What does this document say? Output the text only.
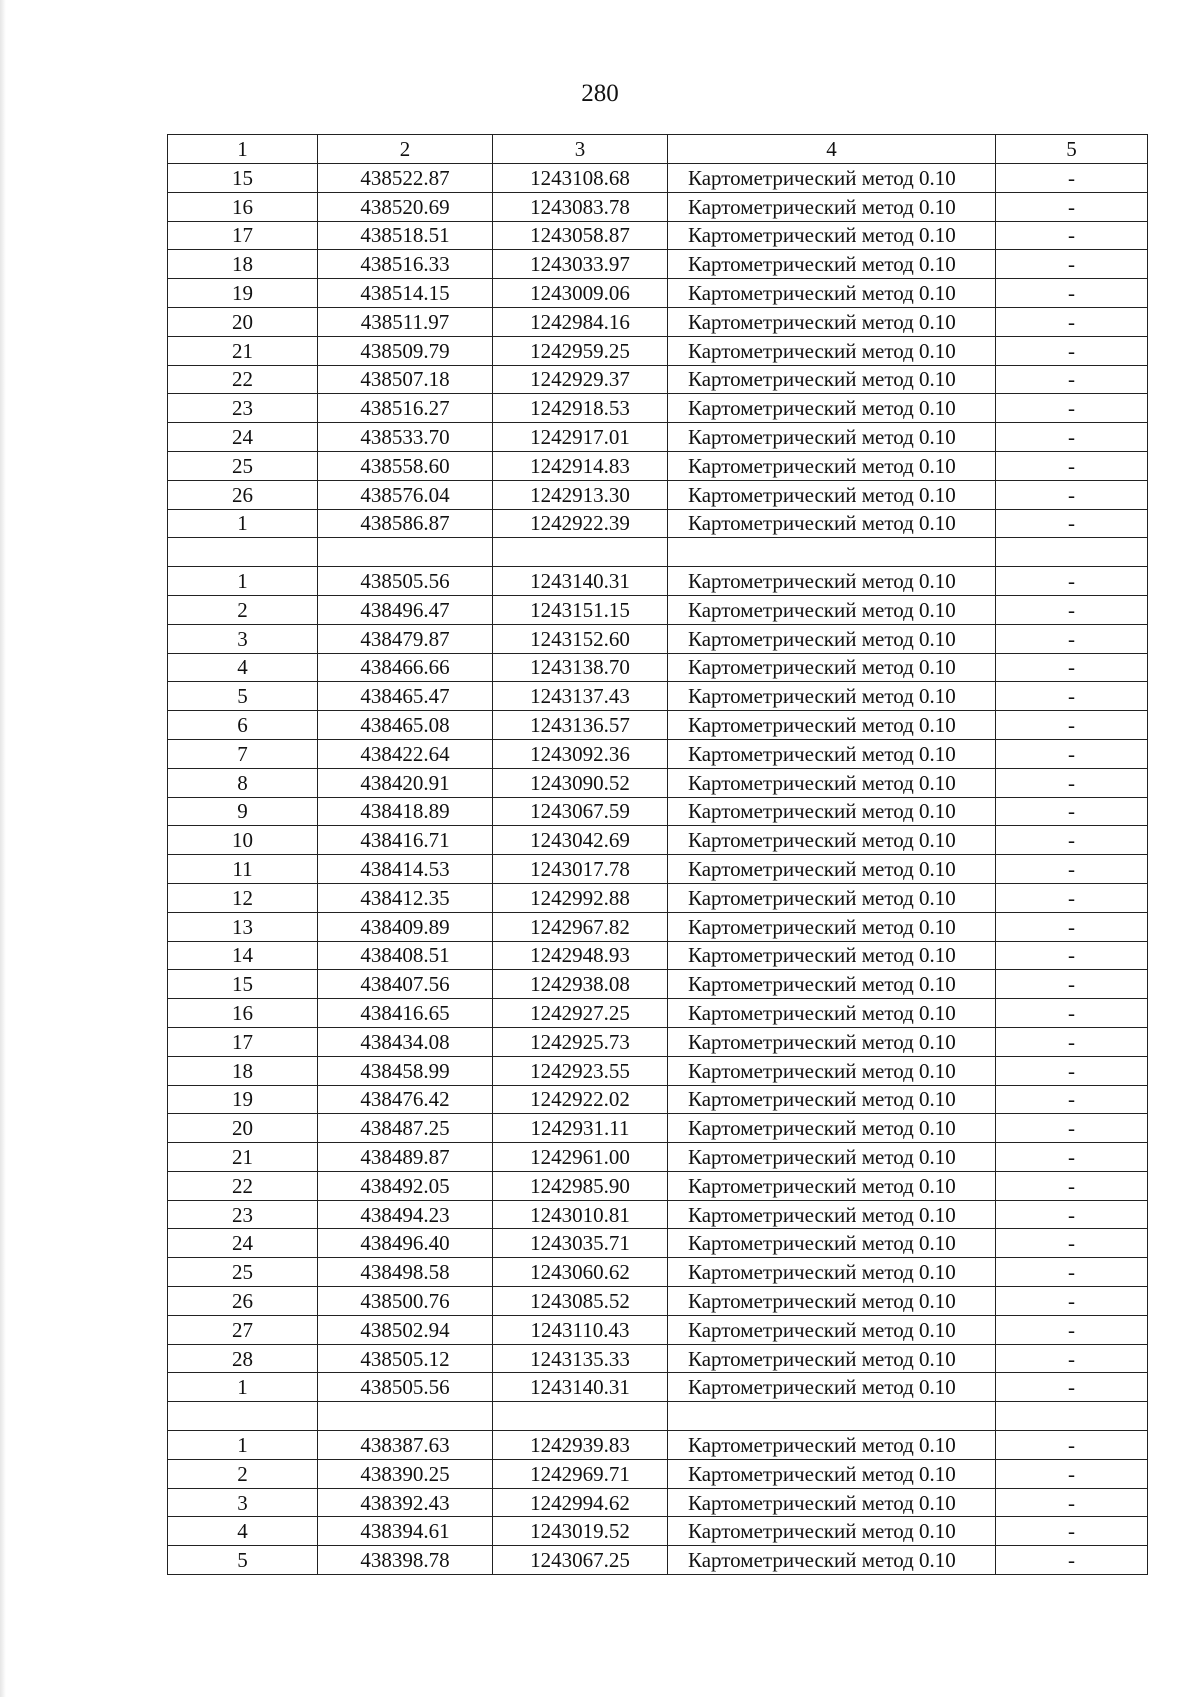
280
1	2	3	4	5
15	438522.87	1243108.68	Картометрический метод 0.10	-
16	438520.69	1243083.78	Картометрический метод 0.10	-
17	438518.51	1243058.87	Картометрический метод 0.10	-
18	438516.33	1243033.97	Картометрический метод 0.10	-
19	438514.15	1243009.06	Картометрический метод 0.10	-
20	438511.97	1242984.16	Картометрический метод 0.10	-
21	438509.79	1242959.25	Картометрический метод 0.10	-
22	438507.18	1242929.37	Картометрический метод 0.10	-
23	438516.27	1242918.53	Картометрический метод 0.10	-
24	438533.70	1242917.01	Картометрический метод 0.10	-
25	438558.60	1242914.83	Картометрический метод 0.10	-
26	438576.04	1242913.30	Картометрический метод 0.10	-
1	438586.87	1242922.39	Картометрический метод 0.10	-

1	438505.56	1243140.31	Картометрический метод 0.10	-
2	438496.47	1243151.15	Картометрический метод 0.10	-
3	438479.87	1243152.60	Картометрический метод 0.10	-
4	438466.66	1243138.70	Картометрический метод 0.10	-
5	438465.47	1243137.43	Картометрический метод 0.10	-
6	438465.08	1243136.57	Картометрический метод 0.10	-
7	438422.64	1243092.36	Картометрический метод 0.10	-
8	438420.91	1243090.52	Картометрический метод 0.10	-
9	438418.89	1243067.59	Картометрический метод 0.10	-
10	438416.71	1243042.69	Картометрический метод 0.10	-
11	438414.53	1243017.78	Картометрический метод 0.10	-
12	438412.35	1242992.88	Картометрический метод 0.10	-
13	438409.89	1242967.82	Картометрический метод 0.10	-
14	438408.51	1242948.93	Картометрический метод 0.10	-
15	438407.56	1242938.08	Картометрический метод 0.10	-
16	438416.65	1242927.25	Картометрический метод 0.10	-
17	438434.08	1242925.73	Картометрический метод 0.10	-
18	438458.99	1242923.55	Картометрический метод 0.10	-
19	438476.42	1242922.02	Картометрический метод 0.10	-
20	438487.25	1242931.11	Картометрический метод 0.10	-
21	438489.87	1242961.00	Картометрический метод 0.10	-
22	438492.05	1242985.90	Картометрический метод 0.10	-
23	438494.23	1243010.81	Картометрический метод 0.10	-
24	438496.40	1243035.71	Картометрический метод 0.10	-
25	438498.58	1243060.62	Картометрический метод 0.10	-
26	438500.76	1243085.52	Картометрический метод 0.10	-
27	438502.94	1243110.43	Картометрический метод 0.10	-
28	438505.12	1243135.33	Картометрический метод 0.10	-
1	438505.56	1243140.31	Картометрический метод 0.10	-

1	438387.63	1242939.83	Картометрический метод 0.10	-
2	438390.25	1242969.71	Картометрический метод 0.10	-
3	438392.43	1242994.62	Картометрический метод 0.10	-
4	438394.61	1243019.52	Картометрический метод 0.10	-
5	438398.78	1243067.25	Картометрический метод 0.10	-
